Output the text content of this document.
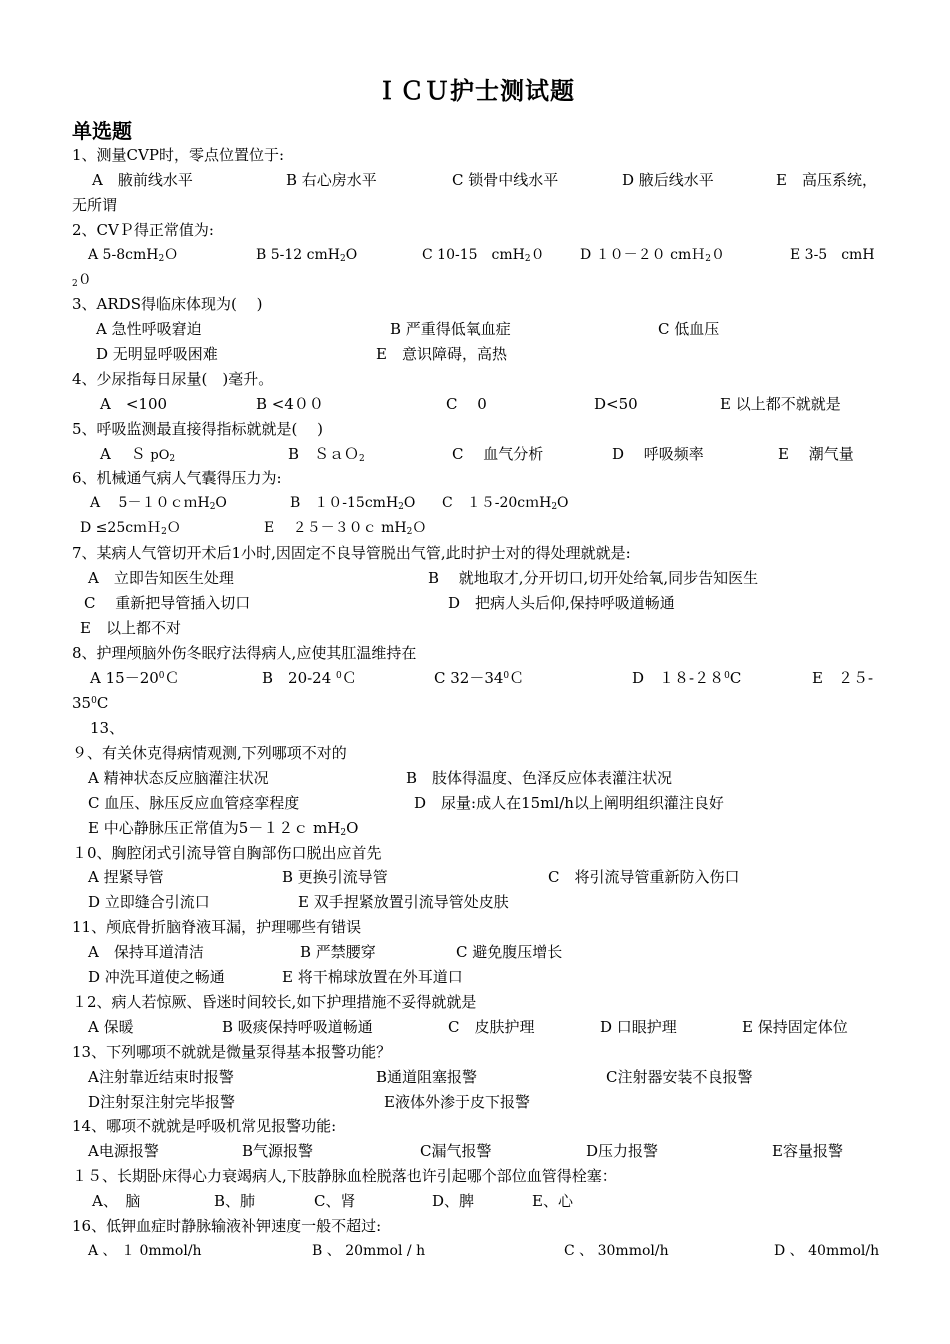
ＩＣＵ护士测试题
单选题
1、测量CVP时，零点位置位于:
A　腋前线水平	B 右心房水平	C 锁骨中线水平	D 腋后线水平	E　高压系统，
无所谓
2、CVＰ得正常值为:
A 5-8cmH$_2$Ｏ	B 5-12 cmH$_2$O	C 10-15　cmH$_2$０	D １０－２０ cmＨ$_2$０	E 3-5　cmH
$_2$０
3、ARDS得临床体现为(　 )
A 急性呼吸窘迫	B 严重得低氧血症	C 低血压
D 无明显呼吸困难	E　意识障碍，高热
4、少尿指每日尿量(　)毫升。
A　<100	B <4００	C　 0	D<50	E 以上都不就就是
5、呼吸监测最直接得指标就就是(　 )
A　 Ｓ $pO_2$	B　ＳａＯ$_2$	C　 血气分析	D　 呼吸频率	E　 潮气量
6、机械通气病人气囊得压力为:
A　 5－１０ｃｍH$_2$O	B　１０-15cmH$_2$O C　１５-20cｍH$_2$O
D ≤25cｍＨ$_2$Ｏ	E　 ２５－３０ｃ $mH_2O$
7、某病人气管切开术后1小时,因固定不良导管脱出气管,此时护士对的得处理就就是:
A　立即告知医生处理	B　 就地取才,分开切口,切开处给氧,同步告知医生
C　 重新把导管插入切口	D　把病人头后仰,保持呼吸道畅通
E　以上都不对
8、护理颅脑外伤冬眠疗法得病人,应使其肛温维持在
A $15-20^0C$	B　20-24 $^0$Ｃ	C $32-34^0C$	D　$18-28^0C$	E　２５-
$35^0C$
13、
９、有关休克得病情观测,下列哪项不对的
A 精神状态反应脑灌注状况	B　肢体得温度、色泽反应体表灌注状况
C 血压、脉压反应血管痉挛程度	D　尿量:成人在15ml/h以上阐明组织灌注良好
E 中心静脉压正常值为5－１２ｃ $mH_2O$
１0、胸腔闭式引流导管自胸部伤口脱出应首先
A 捏紧导管	B 更换引流导管	C　将引流导管重新防入伤口
D 立即缝合引流口	E 双手捏紧放置引流导管处皮肤
11、颅底骨折脑脊液耳漏，护理哪些有错误
A　保持耳道清洁	B 严禁腰穿	C 避免腹压增长
D 冲洗耳道使之畅通	E 将干棉球放置在外耳道口
１2、病人若惊厥、昏迷时间较长,如下护理措施不妥得就就是
A 保暖	B 吸痰保持呼吸道畅通	C　皮肤护理	D 口眼护理	E 保持固定体位
13、下列哪项不就就是微量泵得基本报警功能？
A注射靠近结束时报警	B通道阻塞报警	C注射器安装不良报警
D注射泵注射完毕报警	E液体外渗于皮下报警
14、哪项不就就是呼吸机常见报警功能:
A电源报警	B气源报警	C漏气报警	D压力报警	E容量报警
１５、长期卧床得心力衰竭病人,下肢静脉血栓脱落也许引起哪个部位血管得栓塞：
A、　脑	B、肺	C、肾	D、脾	E、心
16、低钾血症时静脉输液补钾速度一般不超过:
A 、 １ 0mmol/h	B 、 20mmol / h	C 、 30mmol/h	D 、 40mmol/h
